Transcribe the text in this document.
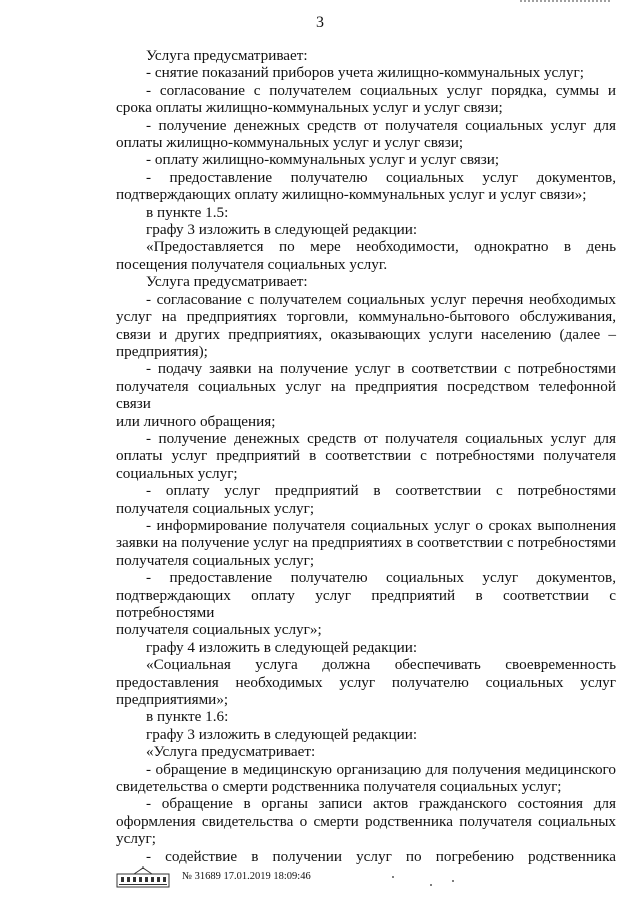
3

Услуга предусматривает:

- снятие показаний приборов учета жилищно-коммунальных услуг;

- согласование с получателем социальных услуг порядка, суммы и

срока оплаты жилищно-коммунальных услуг и услуг связи;

- получение денежных средств от получателя социальных услуг для

оплаты жилищно-коммунальных услуг и услуг связи;

- оплату жилищно-коммунальных услуг и услуг связи;

- предоставление получателю социальных услуг документов,

подтверждающих оплату жилищно-коммунальных услуг и услуг связи»;

в пункте 1.5:

графу 3 изложить в следующей редакции:

«Предоставляется по мере необходимости, однократно в день

посещения получателя социальных услуг.

Услуга предусматривает:

- согласование с получателем социальных услуг перечня необходимых

услуг на предприятиях торговли, коммунально-бытового обслуживания,

связи и других предприятиях, оказывающих услуги населению (далее –

предприятия);

- подачу заявки на получение услуг в соответствии с потребностями

получателя социальных услуг на предприятия посредством телефонной связи

или личного обращения;

- получение денежных средств от получателя социальных услуг для

оплаты услуг предприятий в соответствии с потребностями получателя

социальных услуг;

- оплату услуг предприятий в соответствии с потребностями

получателя социальных услуг;

- информирование получателя социальных услуг о сроках выполнения

заявки на получение услуг на предприятиях в соответствии с потребностями

получателя социальных услуг;

- предоставление получателю социальных услуг документов,

подтверждающих оплату услуг предприятий в соответствии с потребностями

получателя социальных услуг»;

графу 4 изложить в следующей редакции:

«Социальная услуга должна обеспечивать своевременность

предоставления необходимых услуг получателю социальных услуг

предприятиями»;

в пункте 1.6:

графу 3 изложить в следующей редакции:

«Услуга предусматривает:

- обращение в медицинскую организацию для получения медицинского

свидетельства о смерти родственника получателя социальных услуг;

- обращение в органы записи актов гражданского состояния для

оформления свидетельства о смерти родственника получателя социальных

услуг;

- содействие в получении услуг по погребению родственника

№ 31689 17.01.2019 18:09:46
